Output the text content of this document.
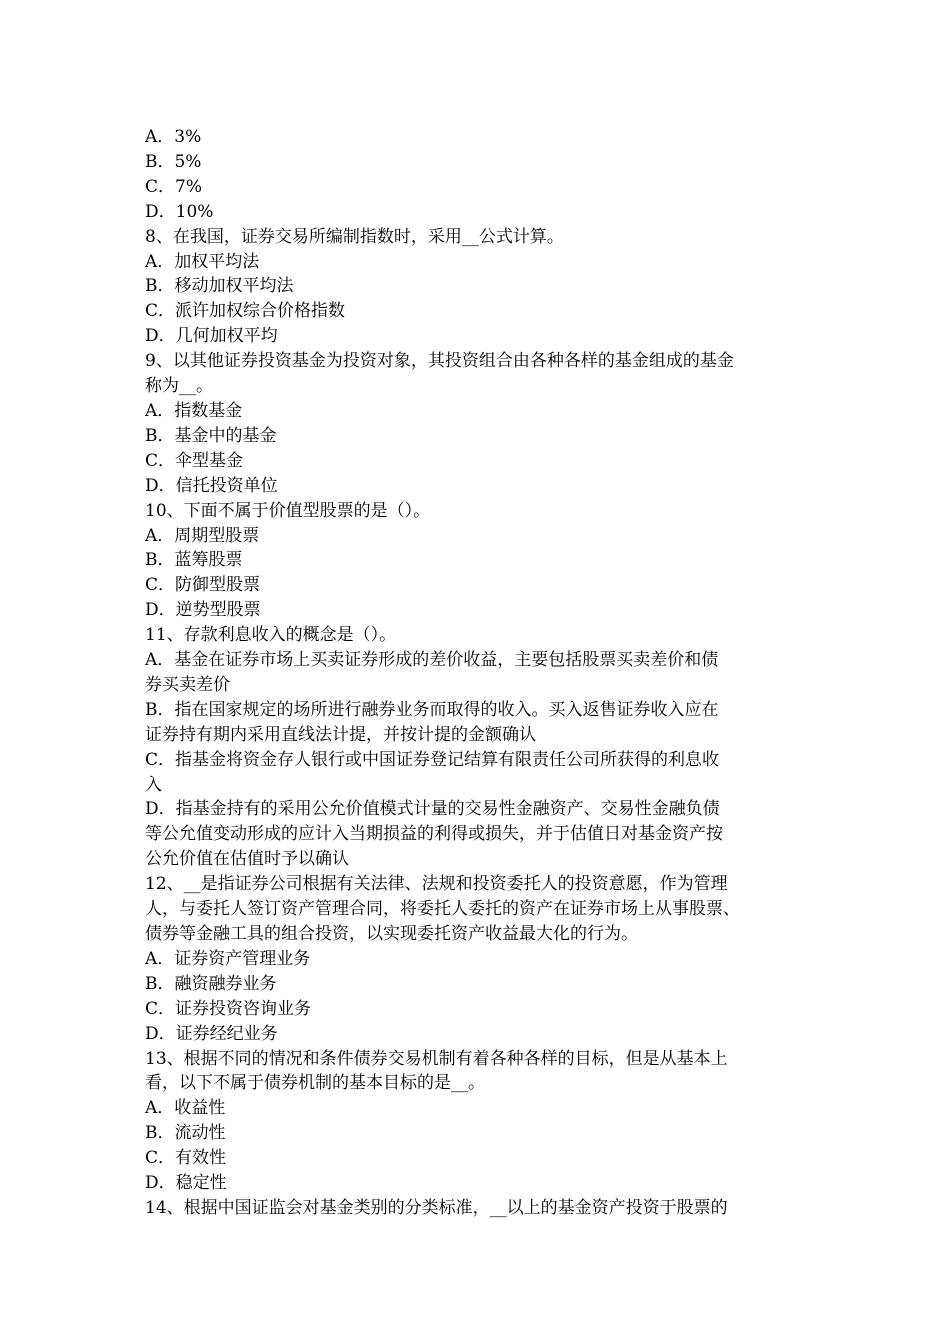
A．3%
B．5%
C．7%
D．10%
8、在我国，证券交易所编制指数时，采用__公式计算。
A．加权平均法
B．移动加权平均法
C．派许加权综合价格指数
D．几何加权平均
9、以其他证券投资基金为投资对象，其投资组合由各种各样的基金组成的基金
称为__。
A．指数基金
B．基金中的基金
C．伞型基金
D．信托投资单位
10、下面不属于价值型股票的是（）。
A．周期型股票
B．蓝筹股票
C．防御型股票
D．逆势型股票
11、存款利息收入的概念是（）。
A．基金在证券市场上买卖证券形成的差价收益，主要包括股票买卖差价和债
券买卖差价
B．指在国家规定的场所进行融券业务而取得的收入。买入返售证券收入应在
证券持有期内采用直线法计提，并按计提的金额确认
C．指基金将资金存人银行或中国证券登记结算有限责任公司所获得的利息收
入
D．指基金持有的采用公允价值模式计量的交易性金融资产、交易性金融负债
等公允值变动形成的应计入当期损益的利得或损失，并于估值日对基金资产按
公允价值在估值时予以确认
12、__是指证券公司根据有关法律、法规和投资委托人的投资意愿，作为管理
人，与委托人签订资产管理合同，将委托人委托的资产在证券市场上从事股票、
债券等金融工具的组合投资，以实现委托资产收益最大化的行为。
A．证券资产管理业务
B．融资融券业务
C．证券投资咨询业务
D．证券经纪业务
13、根据不同的情况和条件债券交易机制有着各种各样的目标，但是从基本上
看，以下不属于债券机制的基本目标的是__。
A．收益性
B．流动性
C．有效性
D．稳定性
14、根据中国证监会对基金类别的分类标准，__以上的基金资产投资于股票的
